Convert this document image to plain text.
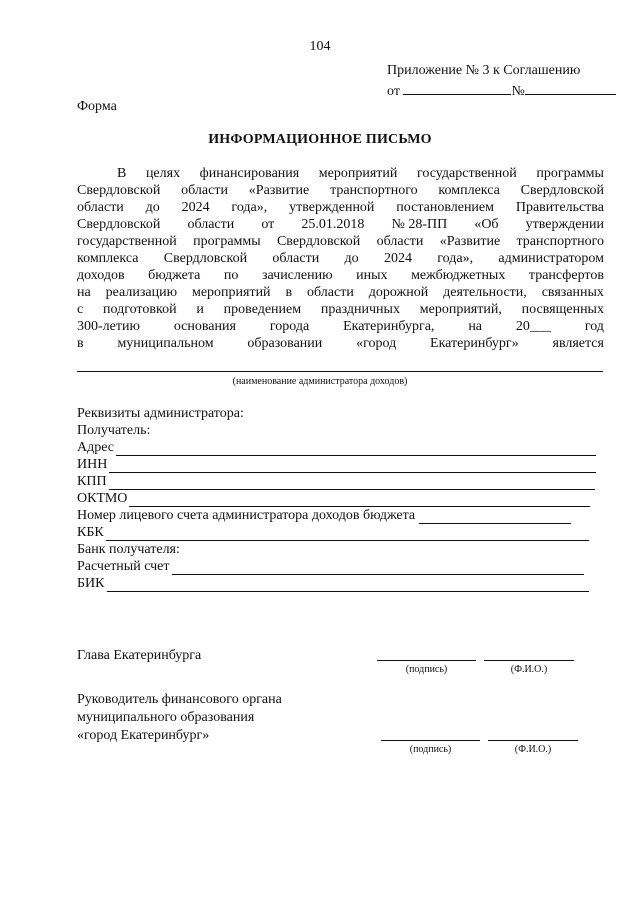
104
Приложение № 3 к Соглашению
от	№
Форма
ИНФОРМАЦИОННОЕ ПИСЬМО
В целях финансирования мероприятий государственной программы
Свердловской области «Развитие транспортного комплекса Свердловской
области до 2024 года», утвержденной постановлением Правительства
Свердловской области от 25.01.2018 № 28-ПП «Об утверждении
государственной программы Свердловской области «Развитие транспортного
комплекса Свердловской области до 2024 года», администратором
доходов бюджета по зачислению иных межбюджетных трансфертов
на реализацию мероприятий в области дорожной деятельности, связанных
с подготовкой и проведением праздничных мероприятий, посвященных
300-летию основания города Екатеринбурга, на 20___ год
в муниципальном образовании «город Екатеринбург» является
(наименование администратора доходов)
Реквизиты администратора:
Получатель:
Адрес
ИНН
КПП
ОКТМО
Номер лицевого счета администратора доходов бюджета
КБК
Банк получателя:
Расчетный счет
БИК
Глава Екатеринбурга
(подпись)	(Ф.И.О.)
Руководитель финансового органа
муниципального образования
«город Екатеринбург»
(подпись)	(Ф.И.О.)
